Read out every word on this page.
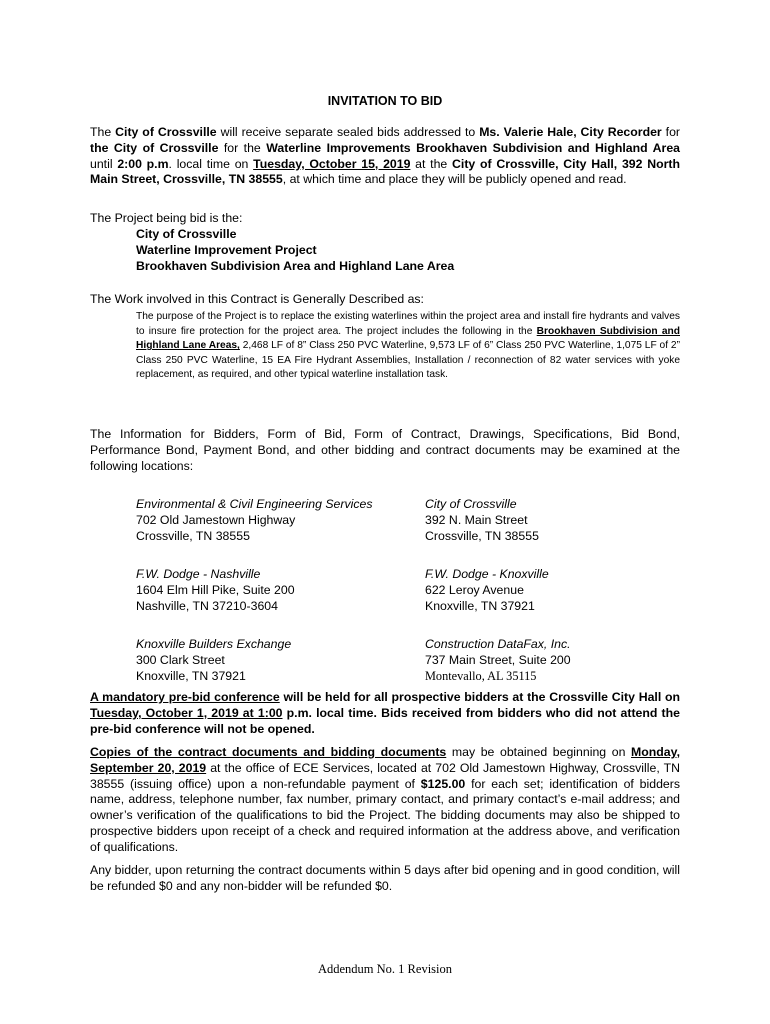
INVITATION TO BID

The City of Crossville will receive separate sealed bids addressed to Ms. Valerie Hale, City Recorder for the City of Crossville for the Waterline Improvements Brookhaven Subdivision and Highland Area until 2:00 p.m. local time on Tuesday, October 15, 2019 at the City of Crossville, City Hall, 392 North Main Street, Crossville, TN 38555, at which time and place they will be publicly opened and read.

The Project being bid is the:
City of Crossville
Waterline Improvement Project
Brookhaven Subdivision Area and Highland Lane Area
The Work involved in this Contract is Generally Described as:

The purpose of the Project is to replace the existing waterlines within the project area and install fire hydrants and valves to insure fire protection for the project area. The project includes the following in the Brookhaven Subdivision and Highland Lane Areas, 2,468 LF of 8” Class 250 PVC Waterline, 9,573 LF of 6” Class 250 PVC Waterline, 1,075 LF of 2” Class 250 PVC Waterline, 15 EA Fire Hydrant Assemblies, Installation / reconnection of 82 water services with yoke replacement, as required, and other typical waterline installation task.

The Information for Bidders, Form of Bid, Form of Contract, Drawings, Specifications, Bid Bond, Performance Bond, Payment Bond, and other bidding and contract documents may be examined at the following locations:

Environmental & Civil Engineering Services
702 Old Jamestown Highway
Crossville, TN 38555
City of Crossville
392 N. Main Street
Crossville, TN 38555
F.W. Dodge - Nashville
1604 Elm Hill Pike, Suite 200
Nashville, TN 37210-3604
F.W. Dodge - Knoxville
622 Leroy Avenue
Knoxville, TN 37921
Knoxville Builders Exchange
300 Clark Street
Knoxville, TN 37921
Construction DataFax, Inc.
737 Main Street, Suite 200
Montevallo, AL 35115

A mandatory pre-bid conference will be held for all prospective bidders at the Crossville City Hall on Tuesday, October 1, 2019 at 1:00 p.m. local time. Bids received from bidders who did not attend the pre-bid conference will not be opened.

Copies of the contract documents and bidding documents may be obtained beginning on Monday, September 20, 2019 at the office of ECE Services, located at 702 Old Jamestown Highway, Crossville, TN 38555 (issuing office) upon a non-refundable payment of $125.00 for each set; identification of bidders name, address, telephone number, fax number, primary contact, and primary contact’s e-mail address; and owner’s verification of the qualifications to bid the Project. The bidding documents may also be shipped to prospective bidders upon receipt of a check and required information at the address above, and verification of qualifications.

Any bidder, upon returning the contract documents within 5 days after bid opening and in good condition, will be refunded $0 and any non-bidder will be refunded $0.

Addendum No. 1 Revision
